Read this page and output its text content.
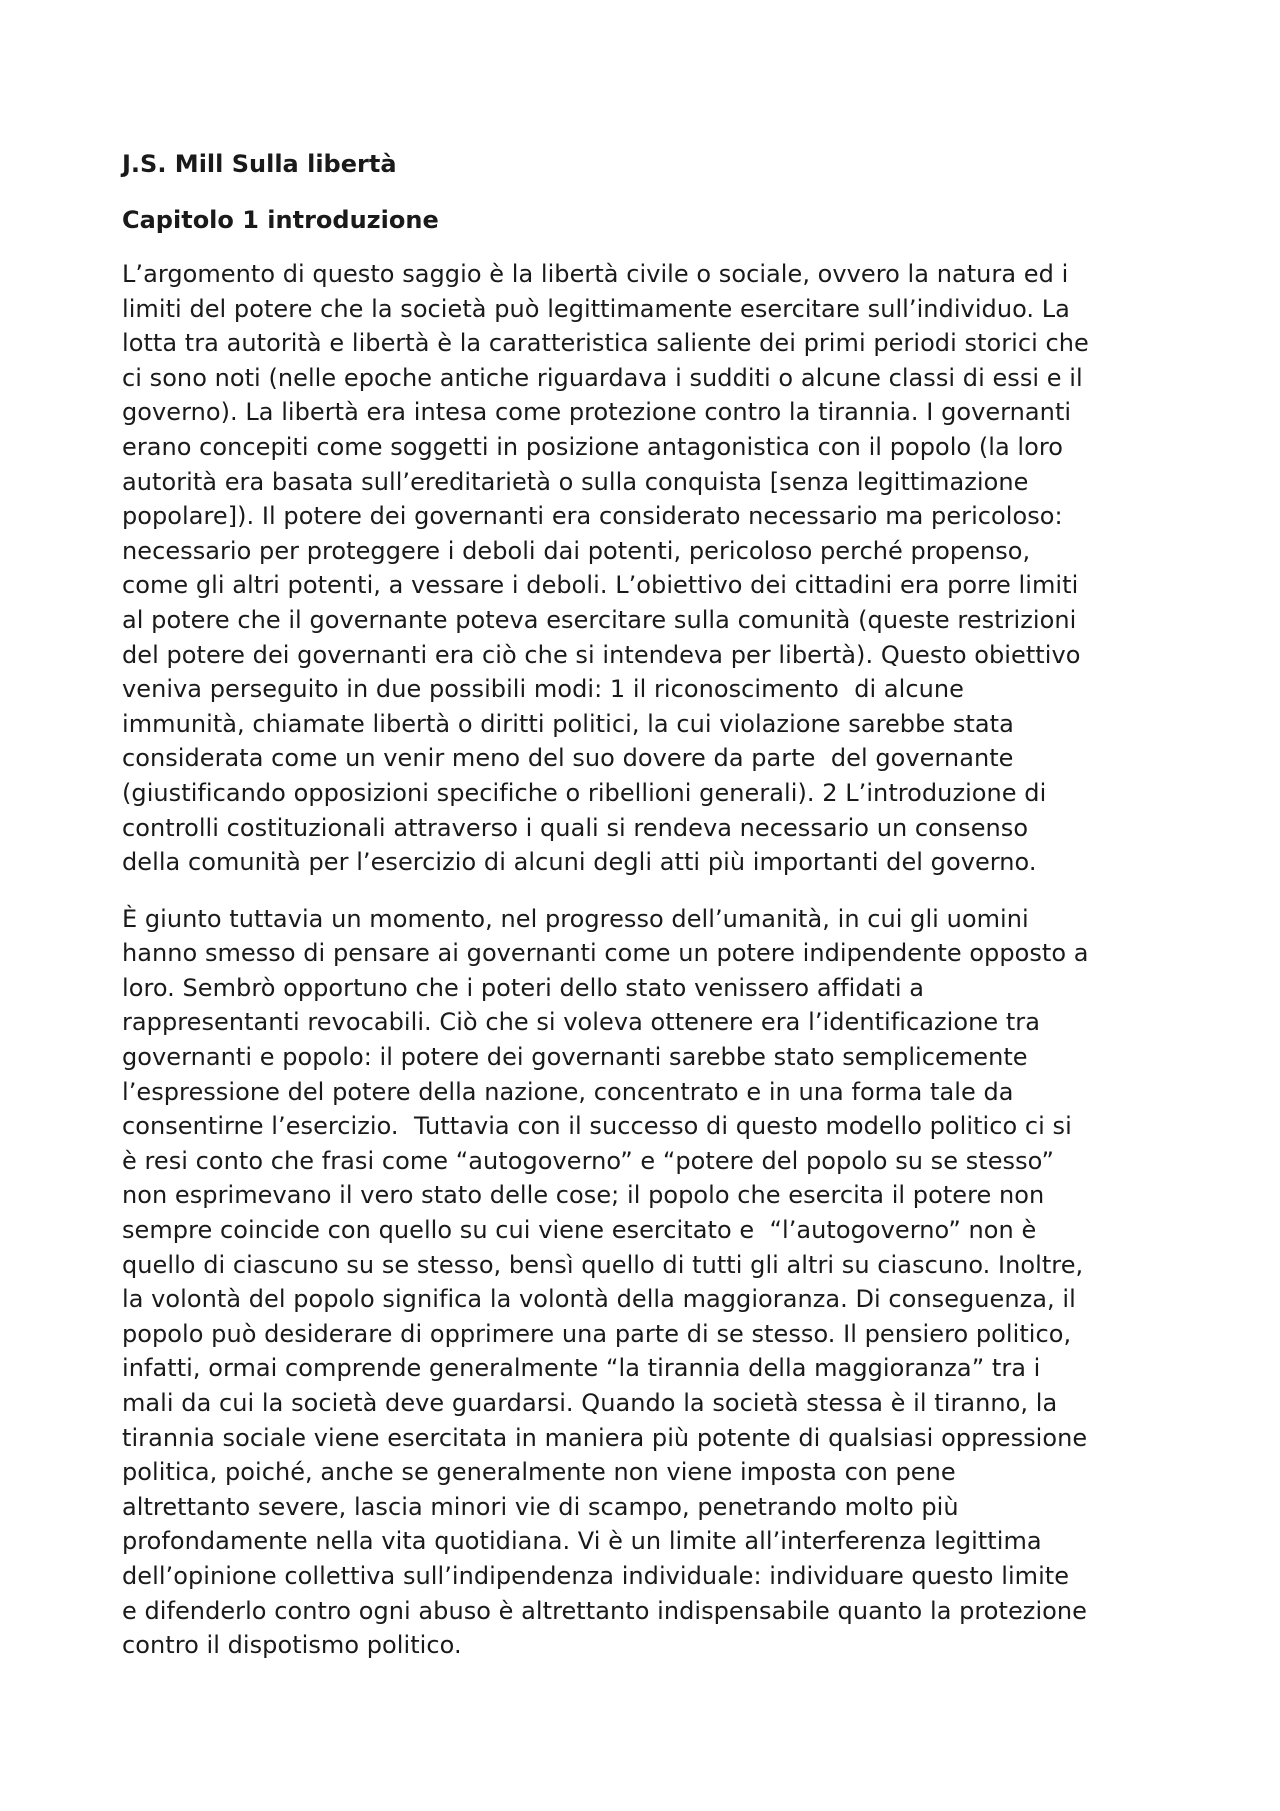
J.S. Mill Sulla libertà
Capitolo 1 introduzione
L’argomento di questo saggio è la libertà civile o sociale, ovvero la natura ed i
limiti del potere che la società può legittimamente esercitare sull’individuo. La
lotta tra autorità e libertà è la caratteristica saliente dei primi periodi storici che
ci sono noti (nelle epoche antiche riguardava i sudditi o alcune classi di essi e il
governo). La libertà era intesa come protezione contro la tirannia. I governanti
erano concepiti come soggetti in posizione antagonistica con il popolo (la loro
autorità era basata sull’ereditarietà o sulla conquista [senza legittimazione
popolare]). Il potere dei governanti era considerato necessario ma pericoloso:
necessario per proteggere i deboli dai potenti, pericoloso perché propenso,
come gli altri potenti, a vessare i deboli. L’obiettivo dei cittadini era porre limiti
al potere che il governante poteva esercitare sulla comunità (queste restrizioni
del potere dei governanti era ciò che si intendeva per libertà). Questo obiettivo
veniva perseguito in due possibili modi: 1 il riconoscimento  di alcune
immunità, chiamate libertà o diritti politici, la cui violazione sarebbe stata
considerata come un venir meno del suo dovere da parte  del governante
(giustificando opposizioni specifiche o ribellioni generali). 2 L’introduzione di
controlli costituzionali attraverso i quali si rendeva necessario un consenso
della comunità per l’esercizio di alcuni degli atti più importanti del governo.
È giunto tuttavia un momento, nel progresso dell’umanità, in cui gli uomini
hanno smesso di pensare ai governanti come un potere indipendente opposto a
loro. Sembrò opportuno che i poteri dello stato venissero affidati a
rappresentanti revocabili. Ciò che si voleva ottenere era l’identificazione tra
governanti e popolo: il potere dei governanti sarebbe stato semplicemente
l’espressione del potere della nazione, concentrato e in una forma tale da
consentirne l’esercizio.  Tuttavia con il successo di questo modello politico ci si
è resi conto che frasi come “autogoverno” e “potere del popolo su se stesso”
non esprimevano il vero stato delle cose; il popolo che esercita il potere non
sempre coincide con quello su cui viene esercitato e  “l’autogoverno” non è
quello di ciascuno su se stesso, bensì quello di tutti gli altri su ciascuno. Inoltre,
la volontà del popolo significa la volontà della maggioranza. Di conseguenza, il
popolo può desiderare di opprimere una parte di se stesso. Il pensiero politico,
infatti, ormai comprende generalmente “la tirannia della maggioranza” tra i
mali da cui la società deve guardarsi. Quando la società stessa è il tiranno, la
tirannia sociale viene esercitata in maniera più potente di qualsiasi oppressione
politica, poiché, anche se generalmente non viene imposta con pene
altrettanto severe, lascia minori vie di scampo, penetrando molto più
profondamente nella vita quotidiana. Vi è un limite all’interferenza legittima
dell’opinione collettiva sull’indipendenza individuale: individuare questo limite
e difenderlo contro ogni abuso è altrettanto indispensabile quanto la protezione
contro il dispotismo politico.
